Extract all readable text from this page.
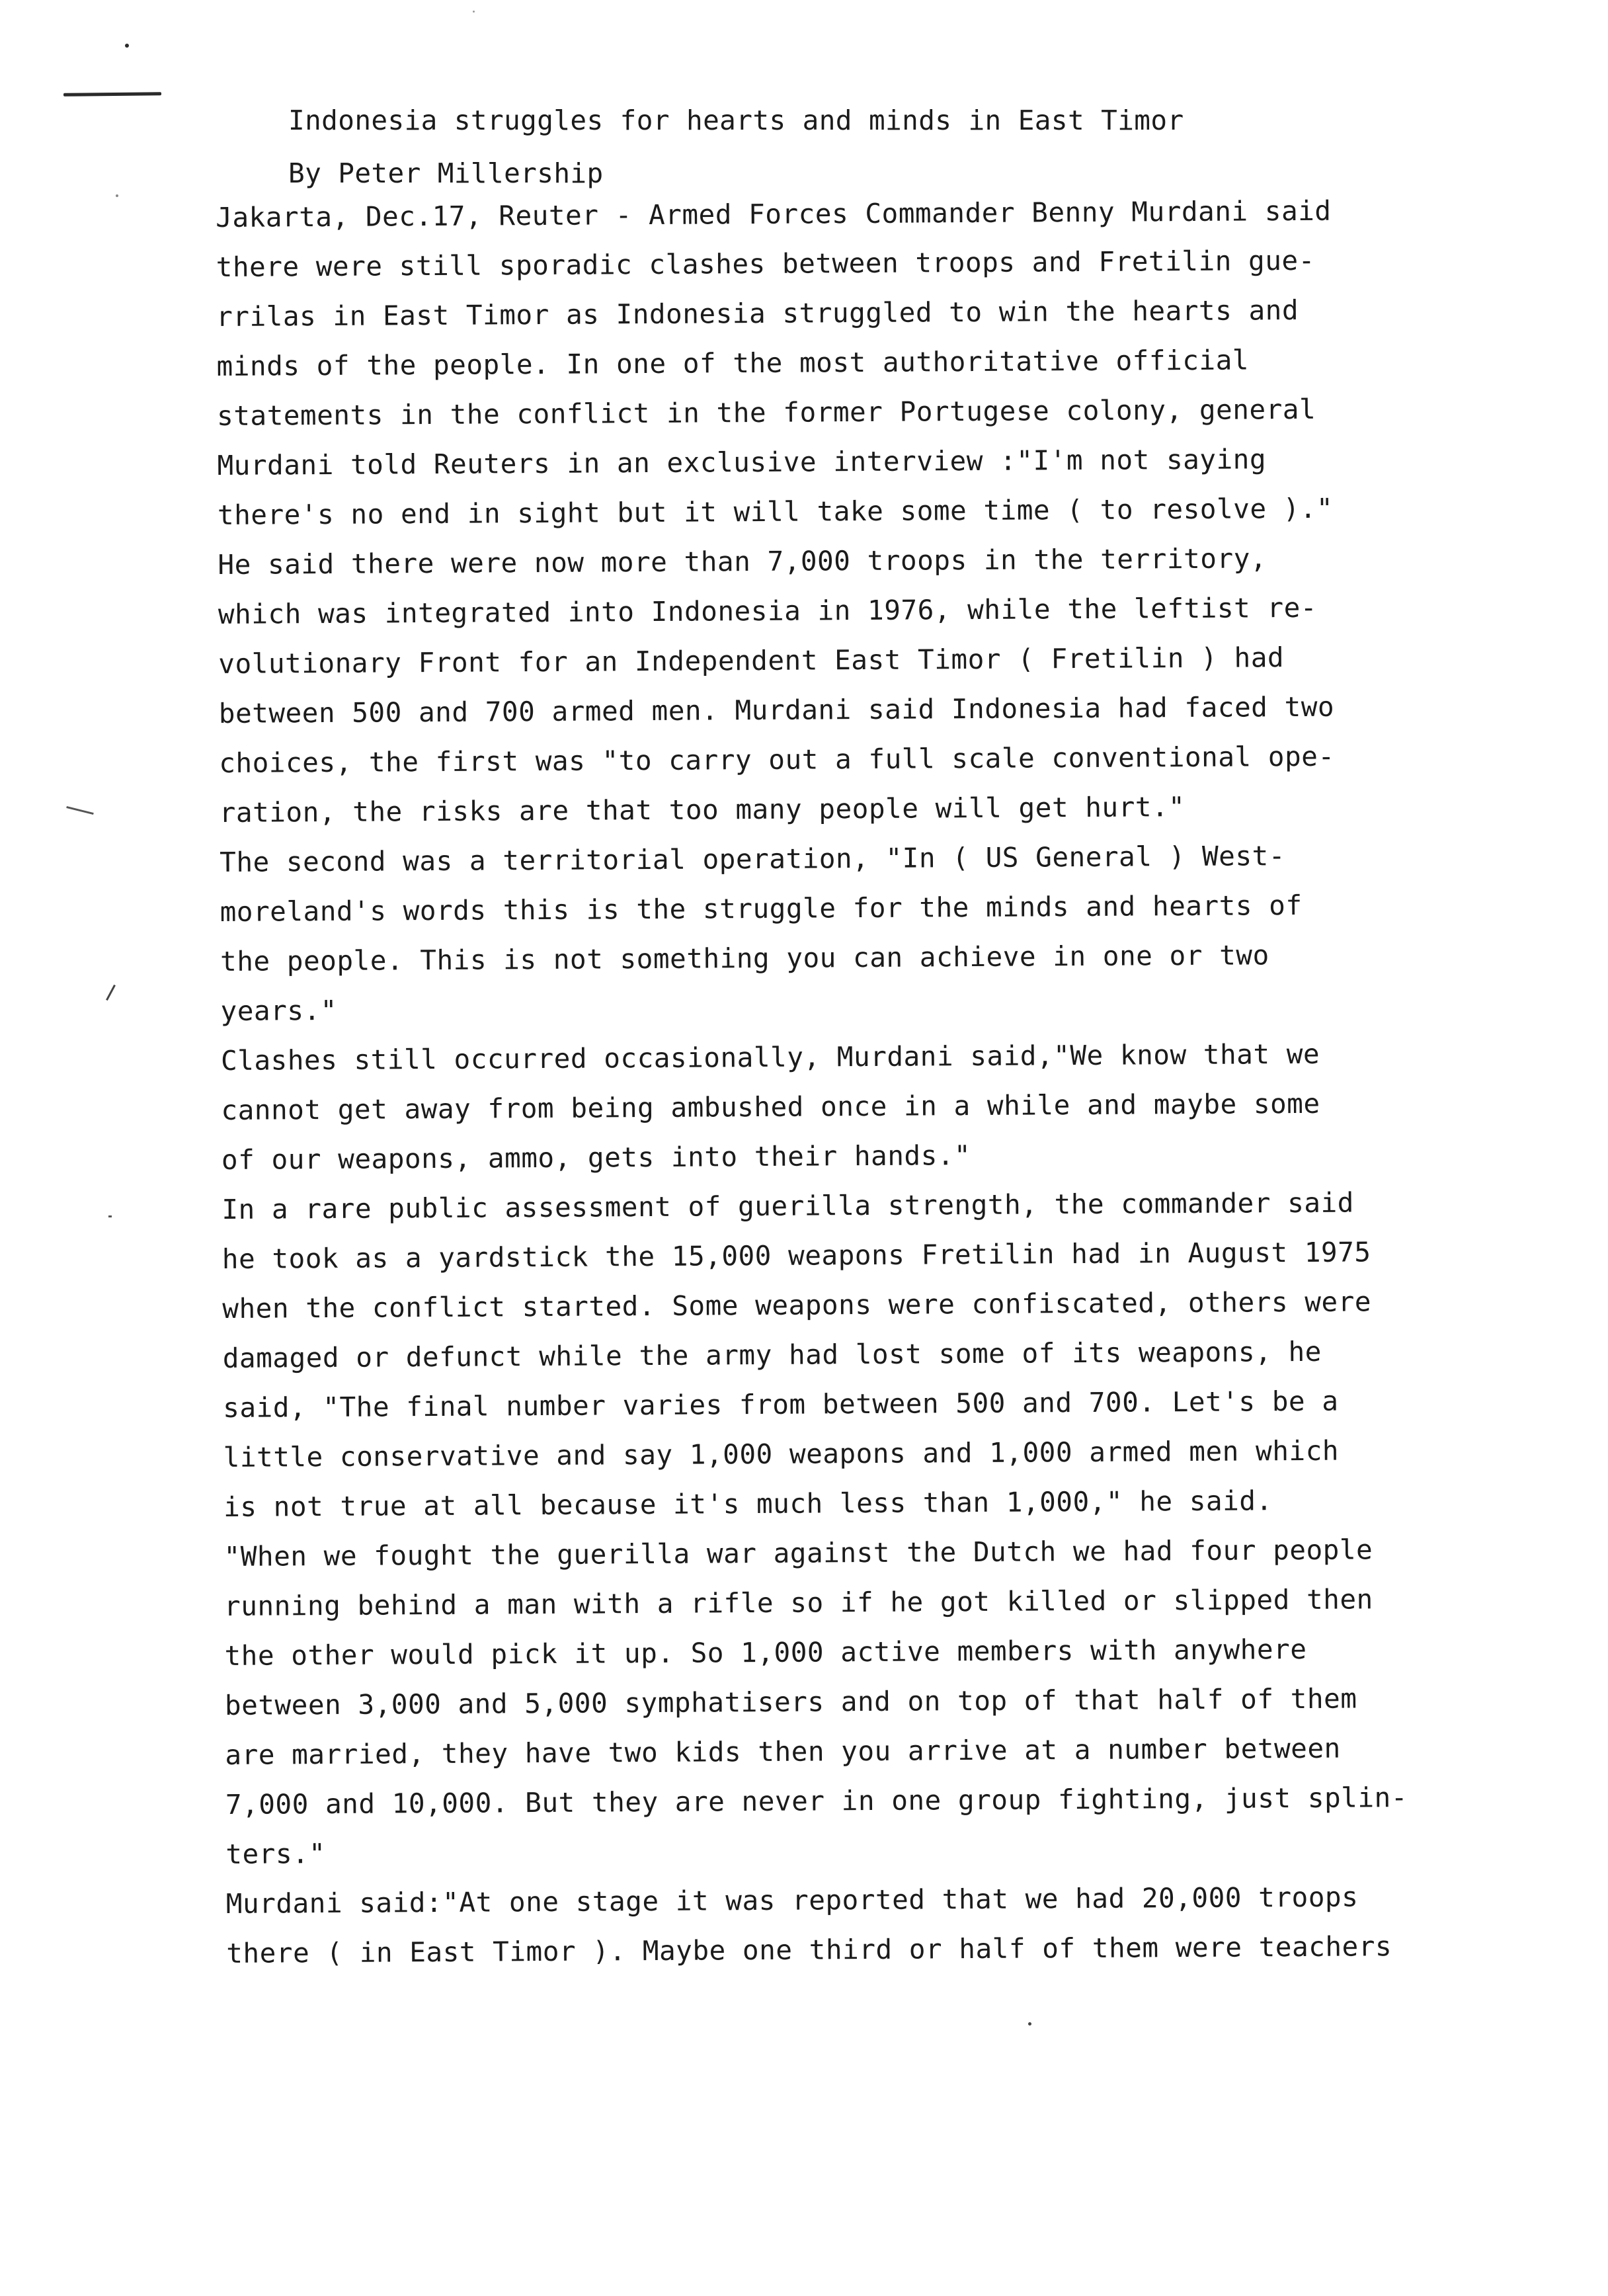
Indonesia struggles for hearts and minds in East Timor
By Peter Millership
Jakarta, Dec.17, Reuter - Armed Forces Commander Benny Murdani said
there were still sporadic clashes between troops and Fretilin gue-
rrilas in East Timor as Indonesia struggled to win the hearts and
minds of the people. In one of the most authoritative official
statements in the conflict in the former Portugese colony, general
Murdani told Reuters in an exclusive interview :"I'm not saying
there's no end in sight but it will take some time ( to resolve )."
He said there were now more than 7,000 troops in the territory,
which was integrated into Indonesia in 1976, while the leftist re-
volutionary Front for an Independent East Timor ( Fretilin ) had
between 500 and 700 armed men. Murdani said Indonesia had faced two
choices, the first was "to carry out a full scale conventional ope-
ration, the risks are that too many people will get hurt."
The second was a territorial operation, "In ( US General ) West-
moreland's words this is the struggle for the minds and hearts of
the people. This is not something you can achieve in one or two
years."
Clashes still occurred occasionally, Murdani said,"We know that we
cannot get away from being ambushed once in a while and maybe some
of our weapons, ammo, gets into their hands."
In a rare public assessment of guerilla strength, the commander said
he took as a yardstick the 15,000 weapons Fretilin had in August 1975
when the conflict started. Some weapons were confiscated, others were
damaged or defunct while the army had lost some of its weapons, he
said, "The final number varies from between 500 and 700. Let's be a
little conservative and say 1,000 weapons and 1,000 armed men which
is not true at all because it's much less than 1,000," he said.
"When we fought the guerilla war against the Dutch we had four people
running behind a man with a rifle so if he got killed or slipped then
the other would pick it up. So 1,000 active members with anywhere
between 3,000 and 5,000 symphatisers and on top of that half of them
are married, they have two kids then you arrive at a number between
7,000 and 10,000. But they are never in one group fighting, just splin-
ters."
Murdani said:"At one stage it was reported that we had 20,000 troops
there ( in East Timor ). Maybe one third or half of them were teachers
